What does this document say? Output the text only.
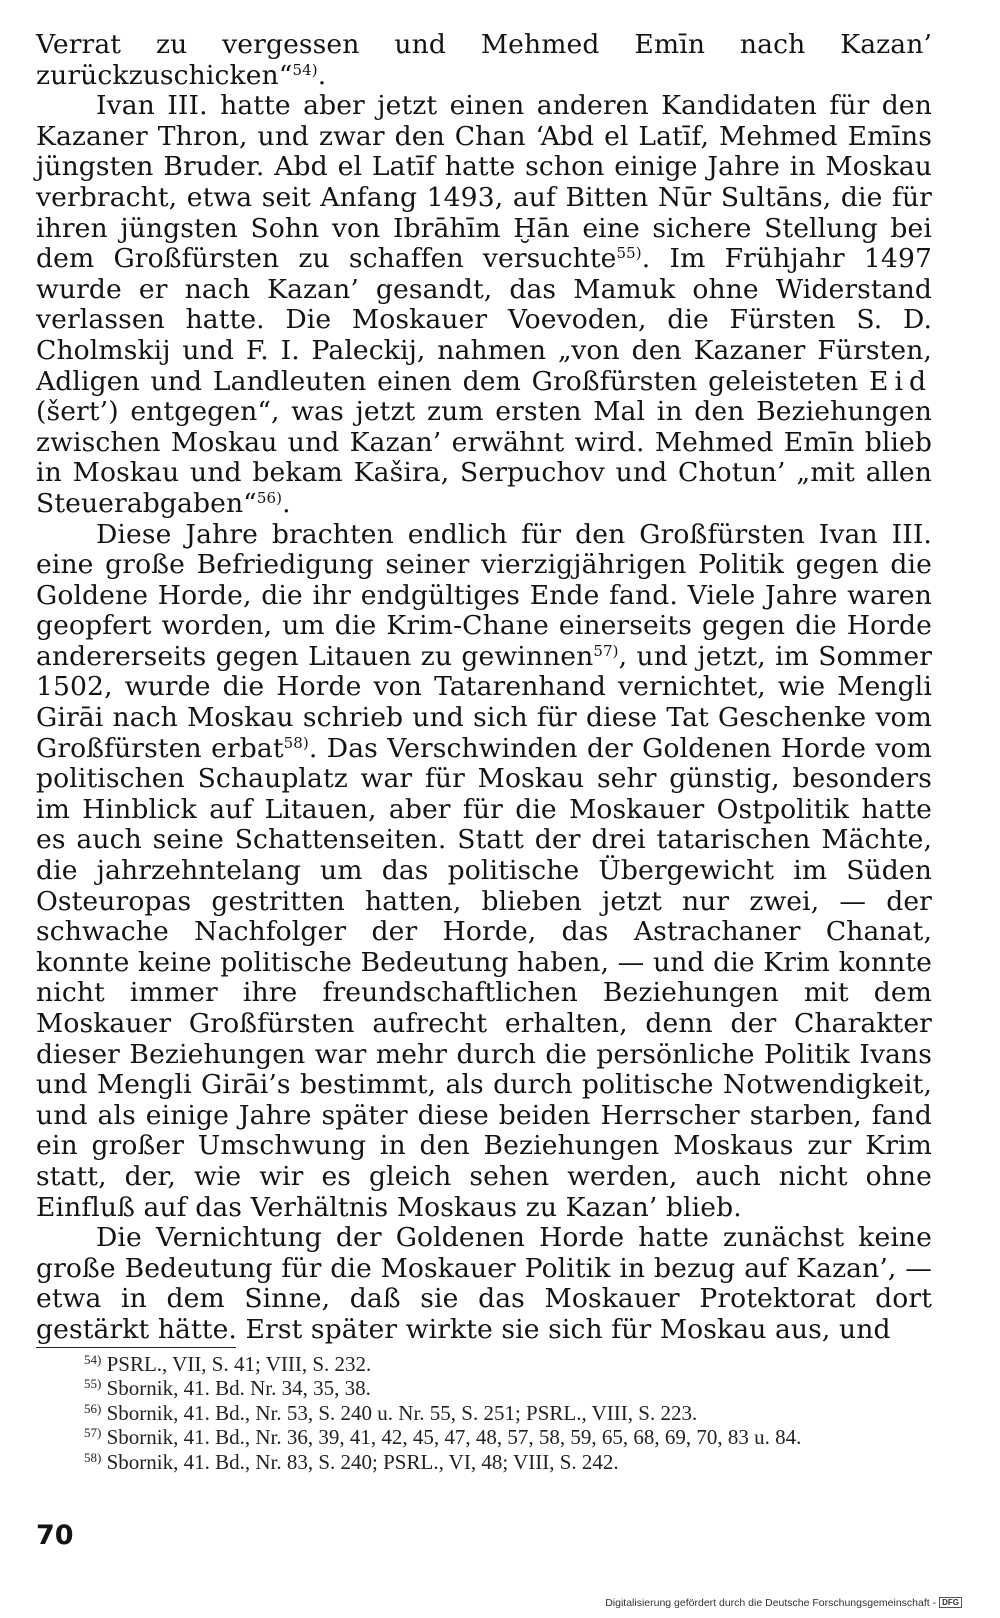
Verrat zu vergessen und Mehmed Emīn nach Kazan’ zurückzuschicken“$^{54)}$.

Ivan III. hatte aber jetzt einen anderen Kandidaten für den Kazaner Thron, und zwar den Chan ‘Abd el Latīf, Mehmed Emīns jüngsten Bruder. Abd el Latīf hatte schon einige Jahre in Moskau verbracht, etwa seit Anfang 1493, auf Bitten Nūr Sultāns, die für ihren jüngsten Sohn von Ibrāhīm Ḫān eine sichere Stellung bei dem Großfürsten zu schaffen versuchte$^{55)}$. Im Frühjahr 1497 wurde er nach Kazan’ gesandt, das Mamuk ohne Widerstand verlassen hatte. Die Moskauer Voevoden, die Fürsten S. D. Cholmskij und F. I. Paleckij, nahmen „von den Kazaner Fürsten, Adligen und Landleuten einen dem Großfürsten geleisteten Eid (šert’) entgegen“, was jetzt zum ersten Mal in den Beziehungen zwischen Moskau und Kazan’ erwähnt wird. Mehmed Emīn blieb in Moskau und bekam Kašira, Serpuchov und Chotun’ „mit allen Steuerabgaben“$^{56)}$.

Diese Jahre brachten endlich für den Großfürsten Ivan III. eine große Befriedigung seiner vierzigjährigen Politik gegen die Goldene Horde, die ihr endgültiges Ende fand. Viele Jahre waren geopfert worden, um die Krim-Chane einerseits gegen die Horde andererseits gegen Litauen zu gewinnen$^{57)}$, und jetzt, im Sommer 1502, wurde die Horde von Tatarenhand vernichtet, wie Mengli Girāi nach Moskau schrieb und sich für diese Tat Geschenke vom Großfürsten erbat$^{58)}$. Das Verschwinden der Goldenen Horde vom politischen Schauplatz war für Moskau sehr günstig, besonders im Hinblick auf Litauen, aber für die Moskauer Ostpolitik hatte es auch seine Schattenseiten. Statt der drei tatarischen Mächte, die jahrzehntelang um das politische Übergewicht im Süden Osteuropas gestritten hatten, blieben jetzt nur zwei, — der schwache Nachfolger der Horde, das Astrachaner Chanat, konnte keine politische Bedeutung haben, — und die Krim konnte nicht immer ihre freundschaftlichen Beziehungen mit dem Moskauer Großfürsten aufrecht erhalten, denn der Charakter dieser Beziehungen war mehr durch die persönliche Politik Ivans und Mengli Girāi’s bestimmt, als durch politische Notwendigkeit, und als einige Jahre später diese beiden Herrscher starben, fand ein großer Umschwung in den Beziehungen Moskaus zur Krim statt, der, wie wir es gleich sehen werden, auch nicht ohne Einfluß auf das Verhältnis Moskaus zu Kazan’ blieb.

Die Vernichtung der Goldenen Horde hatte zunächst keine große Bedeutung für die Moskauer Politik in bezug auf Kazan’, — etwa in dem Sinne, daß sie das Moskauer Protektorat dort gestärkt hätte. Erst später wirkte sie sich für Moskau aus, und

$^{54)}$ PSRL., VII, S. 41; VIII, S. 232.

$^{55)}$ Sbornik, 41. Bd. Nr. 34, 35, 38.

$^{56)}$ Sbornik, 41. Bd., Nr. 53, S. 240 u. Nr. 55, S. 251; PSRL., VIII, S. 223.

$^{57)}$ Sbornik, 41. Bd., Nr. 36, 39, 41, 42, 45, 47, 48, 57, 58, 59, 65, 68, 69, 70, 83 u. 84.

$^{58)}$ Sbornik, 41. Bd., Nr. 83, S. 240; PSRL., VI, 48; VIII, S. 242.

70
Digitalisierung gefördert durch die Deutsche Forschungsgemeinschaft - DFG
